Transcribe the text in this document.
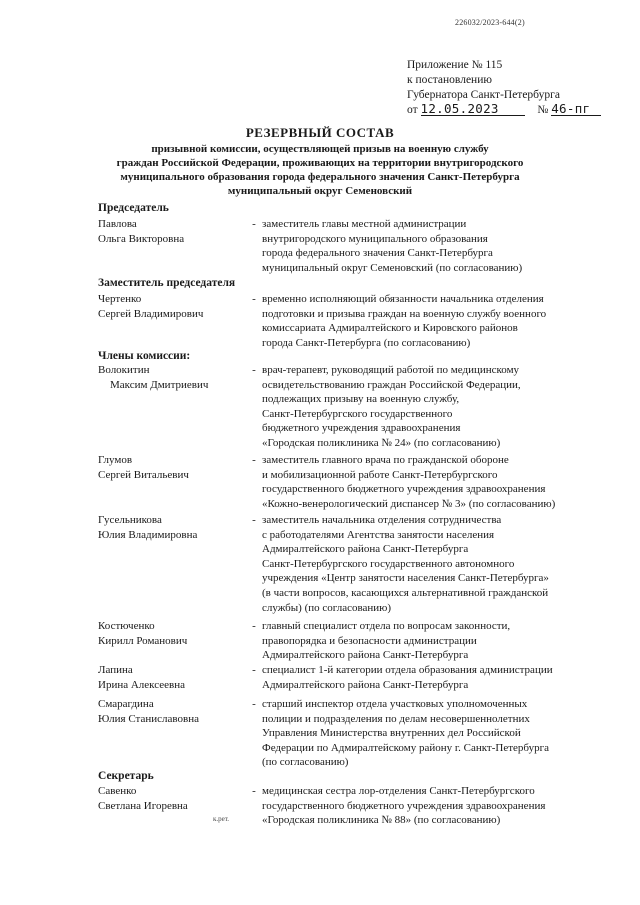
226032/2023-644(2)
Приложение № 115
к постановлению
Губернатора Санкт-Петербурга
от 12.05.2023	№ 46-пг
РЕЗЕРВНЫЙ СОСТАВ
призывной комиссии, осуществляющей призыв на военную службу
граждан Российской Федерации, проживающих на территории внутригородского
муниципального образования города федерального значения Санкт-Петербурга
муниципальный округ Семеновский
Председатель
Павлова
Ольга Викторовна
- заместитель главы местной администрации
внутригородского муниципального образования
города федерального значения Санкт-Петербурга
муниципальный округ Семеновский (по согласованию)
Заместитель председателя
Чертенко
Сергей Владимирович
- временно исполняющий обязанности начальника отделения
подготовки и призыва граждан на военную службу военного
комиссариата Адмиралтейского и Кировского районов
города Санкт-Петербурга (по согласованию)
Члены комиссии:
Волокитин
Максим Дмитриевич
- врач-терапевт, руководящий работой по медицинскому
освидетельствованию граждан Российской Федерации,
подлежащих призыву на военную службу,
Санкт-Петербургского государственного
бюджетного учреждения здравоохранения
«Городская поликлиника № 24» (по согласованию)
Глумов
Сергей Витальевич
- заместитель главного врача по гражданской обороне
и мобилизационной работе Санкт-Петербургского
государственного бюджетного учреждения здравоохранения
«Кожно-венерологический диспансер № 3» (по согласованию)
Гусельникова
Юлия Владимировна
- заместитель начальника отделения сотрудничества
с работодателями Агентства занятости населения
Адмиралтейского района Санкт-Петербурга
Санкт-Петербургского государственного автономного
учреждения «Центр занятости населения Санкт-Петербурга»
(в части вопросов, касающихся альтернативной гражданской
службы) (по согласованию)
Костюченко
Кирилл Романович
- главный специалист отдела по вопросам законности,
правопорядка и безопасности администрации
Адмиралтейского района Санкт-Петербурга
Лапина
Ирина Алексеевна
- специалист 1-й категории отдела образования администрации
Адмиралтейского района Санкт-Петербурга
Смарагдина
Юлия Станиславовна
- старший инспектор отдела участковых уполномоченных
полиции и подразделения по делам несовершеннолетних
Управления Министерства внутренних дел Российской
Федерации по Адмиралтейскому району г. Санкт-Петербурга
(по согласованию)
Секретарь
Савенко
Светлана Игоревна
- медицинская сестра лор-отделения Санкт-Петербургского
государственного бюджетного учреждения здравоохранения
«Городская поликлиника № 88» (по согласованию)
к.рет.
